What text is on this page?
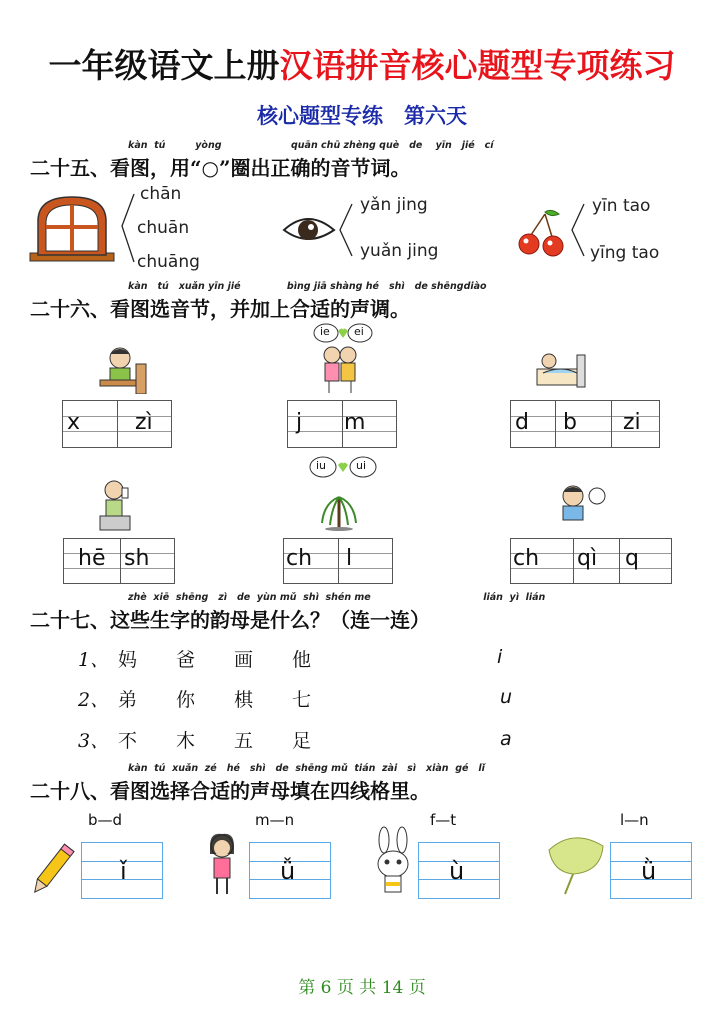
一年级语文上册汉语拼音核心题型专项练习
核心题型专练　第六天
kàn tú	yòng	quān chū zhèng què de yīn jié cí
二十五、看图，用“○”圈出正确的音节词。
chān
chuān
chuāng
yǎn jing
yuǎn jing
yīn tao
yīng tao
kàn tú xuǎn yīn jié	bìng jiā shàng hé shì de shēngdiào
二十六、看图选音节，并加上合适的声调。
ie ei
x zì	j m	d b zi
iu	ui
hē sh	ch l	ch qì q
zhè xiē shēng zì de yùn mǔ shì shén me	lián yì lián
二十七、这些生字的韵母是什么？（连一连）
1、 妈 爸 画 他
2、 弟 你 棋 七
3、 不 木 五 足
i
u
a
kàn tú xuǎn zé hé shì de shēng mǔ tián zài sì xiàn gé lǐ
二十八、看图选择合适的声母填在四线格里。
b—d
ǐ
m—n
ǚ
f—t
ù
l—n
ǜ
第 6 页 共 14 页
